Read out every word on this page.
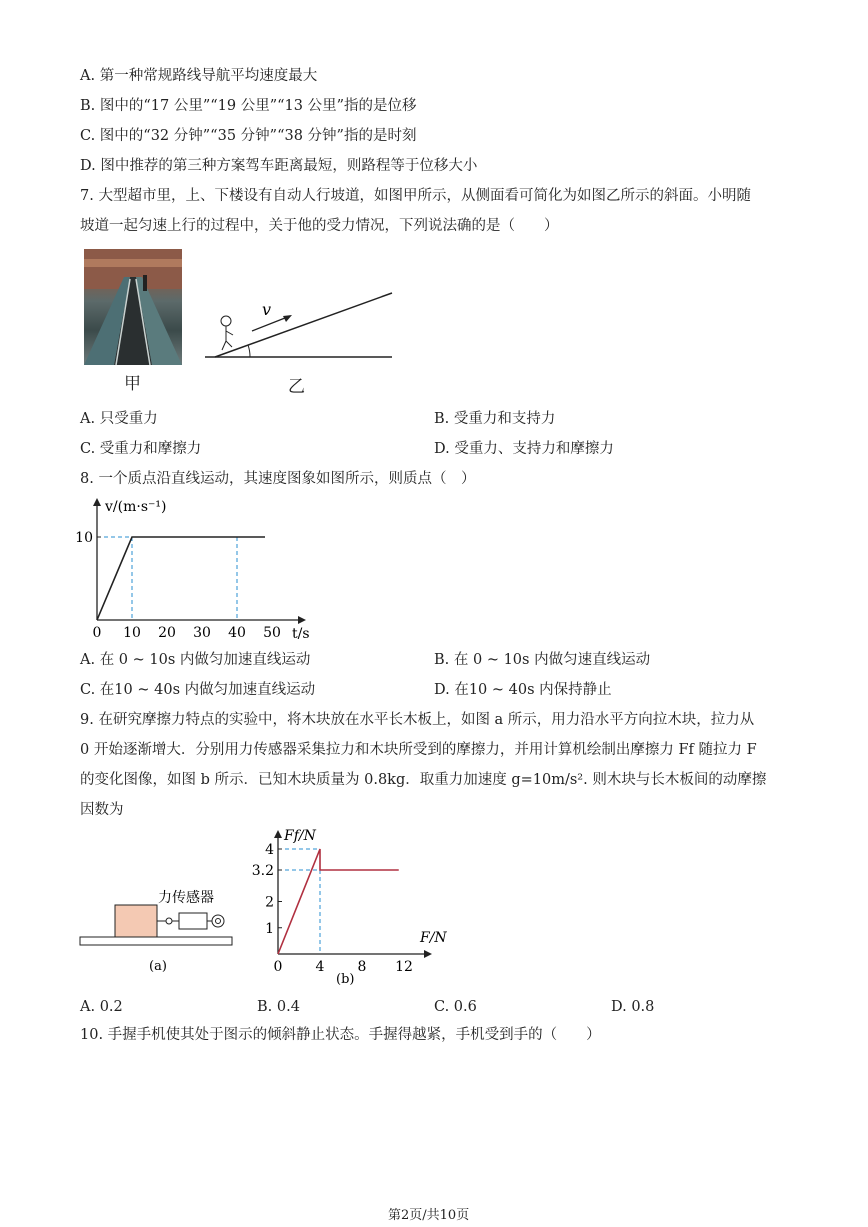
A. 第一种常规路线导航平均速度最大
B. 图中的“17 公里”“19 公里”“13 公里”指的是位移
C. 图中的“32 分钟”“35 分钟”“38 分钟”指的是时刻
D. 图中推荐的第三种方案驾车距离最短，则路程等于位移大小
7. 大型超市里，上、下楼设有自动人行坡道，如图甲所示，从侧面看可简化为如图乙所示的斜面。小明随
坡道一起匀速上行的过程中，关于他的受力情况，下列说法确的是（　　）
甲
v
乙
A. 只受重力	B. 受重力和支持力
C. 受重力和摩擦力	D. 受重力、支持力和摩擦力
8. 一个质点沿直线运动，其速度图象如图所示，则质点（　）
0 10 20 30 40 50
10
v/(m·s⁻¹)
t/s
A. 在 0 ~ 10s 内做匀加速直线运动	B. 在 0 ~ 10s 内做匀速直线运动
C. 在10 ~ 40s 内做匀加速直线运动	D. 在10 ~ 40s 内保持静止
9. 在研究摩擦力特点的实验中，将木块放在水平长木板上，如图 a 所示，用力沿水平方向拉木块，拉力从
0 开始逐渐增大．分别用力传感器采集拉力和木块所受到的摩擦力，并用计算机绘制出摩擦力 Ff 随拉力 F
的变化图像，如图 b 所示．已知木块质量为 0.8kg．取重力加速度 g=10m/s². 则木块与长木板间的动摩擦
因数为
力传感器
(a)	0 4 8 12
1
2
3.2
4
Ff/N
F/N
(b)
A. 0.2	B. 0.4	C. 0.6	D. 0.8
10. 手握手机使其处于图示的倾斜静止状态。手握得越紧，手机受到手的（　　）
第2页/共10页
